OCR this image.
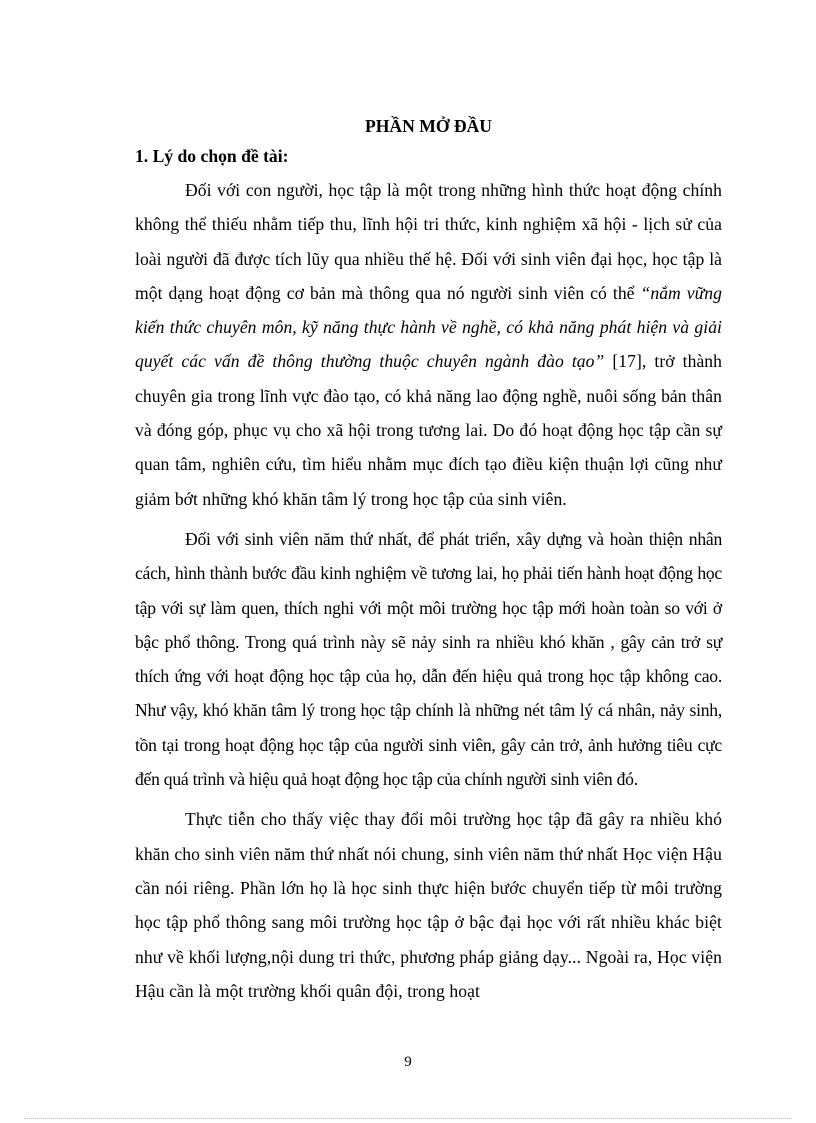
PHẦN MỞ ĐẦU
1. Lý do chọn đề tài:

Đối với con người, học tập là một trong những hình thức hoạt động chính không thể thiếu nhằm tiếp thu, lĩnh hội tri thức, kinh nghiệm xã hội - lịch sử của loài người đã được tích lũy qua nhiều thế hệ. Đối với sinh viên đại học, học tập là một dạng hoạt động cơ bản mà thông qua nó người sinh viên có thể “nắm vững kiến thức chuyên môn, kỹ năng thực hành về nghề, có khả năng phát hiện và giải quyết các vấn đề thông thường thuộc chuyên ngành đào tạo” [17], trở thành chuyên gia trong lĩnh vực đào tạo, có khả năng lao động nghề, nuôi sống bản thân và đóng góp, phục vụ cho xã hội trong tương lai. Do đó hoạt động học tập cần sự quan tâm, nghiên cứu, tìm hiểu nhằm mục đích tạo điều kiện thuận lợi cũng như giảm bớt những khó khăn tâm lý trong học tập của sinh viên.

Đối với sinh viên năm thứ nhất, để phát triển, xây dựng và hoàn thiện nhân cách, hình thành bước đầu kinh nghiệm về tương lai, họ phải tiến hành hoạt động học tập với sự làm quen, thích nghi với một môi trường học tập mới hoàn toàn so với ở bậc phổ thông. Trong quá trình này sẽ nảy sinh ra nhiều khó khăn , gây cản trở sự thích ứng với hoạt động học tập của họ, dẫn đến hiệu quả trong học tập không cao. Như vậy, khó khăn tâm lý trong học tập chính là những nét tâm lý cá nhân, nảy sinh, tồn tại trong hoạt động học tập của người sinh viên, gây cản trở, ảnh hưởng tiêu cực đến quá trình và hiệu quả hoạt động học tập của chính người sinh viên đó.

Thực tiễn cho thấy việc thay đổi môi trường học tập đã gây ra nhiều khó khăn cho sinh viên năm thứ nhất nói chung, sinh viên năm thứ nhất Học viện Hậu cần nói riêng. Phần lớn họ là học sinh thực hiện bước chuyển tiếp từ môi trường học tập phổ thông sang môi trường học tập ở bậc đại học với rất nhiều khác biệt như về khối lượng,nội dung tri thức, phương pháp giảng dạy... Ngoài ra, Học viện Hậu cần là một trường khối quân đội, trong hoạt

9
